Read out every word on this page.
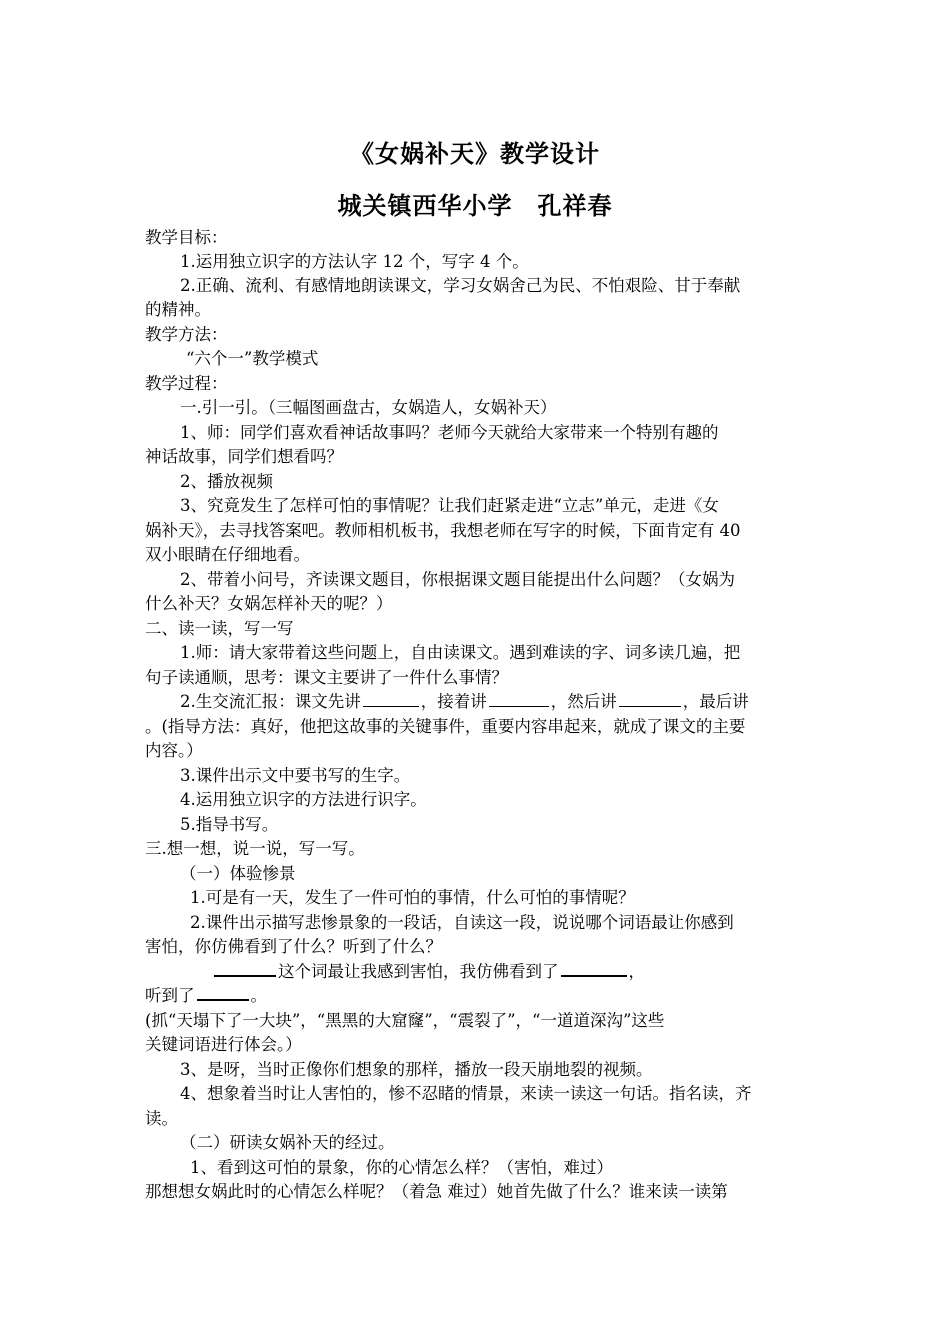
《女娲补天》教学设计
城关镇西华小学　孔祥春
教学目标：
1.运用独立识字的方法认字 12 个，写字 4 个。
2.正确、流利、有感情地朗读课文，学习女娲舍己为民、不怕艰险、甘于奉献
的精神。
教学方法：
“六个一”教学模式
教学过程：
一.引一引。（三幅图画盘古，女娲造人，女娲补天）
1、师：同学们喜欢看神话故事吗？老师今天就给大家带来一个特别有趣的
神话故事，同学们想看吗？
2、播放视频
3、究竟发生了怎样可怕的事情呢？让我们赶紧走进“立志”单元，走进《女
娲补天》，去寻找答案吧。教师相机板书，我想老师在写字的时候，下面肯定有 40
双小眼睛在仔细地看。
2、带着小问号，齐读课文题目，你根据课文题目能提出什么问题？（女娲为
什么补天？女娲怎样补天的呢？）
二、读一读，写一写
1.师：请大家带着这些问题上，自由读课文。遇到难读的字、词多读几遍，把
句子读通顺，思考：课文主要讲了一件什么事情？
2.生交流汇报：课文先讲	，接着讲	，然后讲	，最后讲
。(指导方法：真好，他把这故事的关键事件，重要内容串起来，就成了课文的主要
内容。）
3.课件出示文中要书写的生字。
4.运用独立识字的方法进行识字。
5.指导书写。
三.想一想，说一说，写一写。
（一）体验惨景
1.可是有一天，发生了一件可怕的事情，什么可怕的事情呢？
2.课件出示描写悲惨景象的一段话，自读这一段，说说哪个词语最让你感到
害怕，你仿佛看到了什么？听到了什么？
这个词最让我感到害怕，我仿佛看到了	，
听到了	。
(抓“天塌下了一大块”，“黑黑的大窟窿”，“震裂了”，“一道道深沟”这些
关键词语进行体会。）
3、是呀，当时正像你们想象的那样，播放一段天崩地裂的视频。
4、想象着当时让人害怕的，惨不忍睹的情景，来读一读这一句话。指名读，齐
读。
（二）研读女娲补天的经过。
1、看到这可怕的景象，你的心情怎么样？（害怕，难过）
那想想女娲此时的心情怎么样呢？（着急 难过）她首先做了什么？谁来读一读第
